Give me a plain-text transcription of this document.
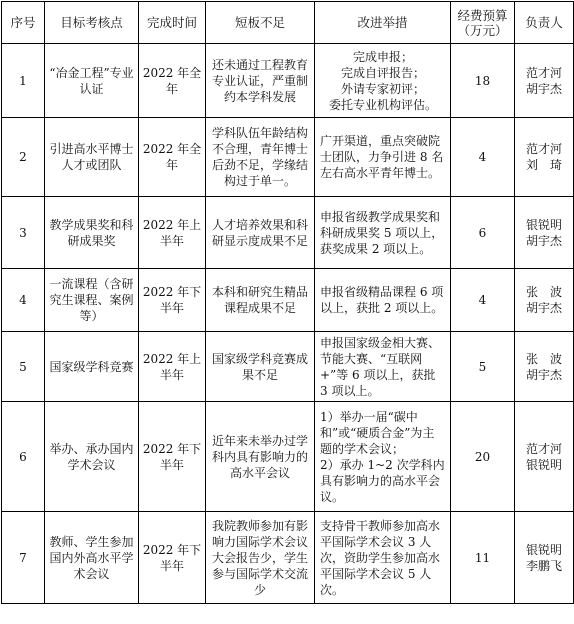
序号	目标考核点	完成时间	短板不足	改进举措	经费预算（万元）	负责人
1	“冶金工程”专业认证	2022 年全年	还未通过工程教育专业认证，严重制约本学科发展	完成申报；
完成自评报告；
外请专家初评；
委托专业机构评估。	18	范才河
胡宇杰

2	引进高水平博士人才或团队	2022 年全年	学科队伍年龄结构不合理，青年博士后劲不足，学缘结构过于单一。	广开渠道，重点突破院士团队，力争引进 8 名左右高水平青年博士。	4	范才河
刘　琦

3	教学成果奖和科研成果奖	2022 年上半年	人才培养效果和科研显示度成果不足	申报省级教学成果奖和科研成果奖 5 项以上，获奖成果 2 项以上。	6	银锐明
胡宇杰

4	一流课程（含研究生课程、案例等）	2022 年下半年	本科和研究生精品课程成果不足	申报省级精品课程 6 项以上，获批 2 项以上。	4	张　波
胡宇杰

5	国家级学科竞赛	2022 年上半年	国家级学科竞赛成果不足	申报国家级金相大赛、节能大赛、“互联网+”等 6 项以上，获批 3 项以上。	5	张　波
胡宇杰

6	举办、承办国内学术会议	2022 年下半年	近年来未举办过学科内具有影响力的高水平会议	1）举办一届“碳中和”或“硬质合金”为主题的学术会议；
2）承办 1~2 次学科内具有影响力的高水平会议。	20	范才河
银锐明

7	教师、学生参加国内外高水平学术会议	2022 年下半年	我院教师参加有影响力国际学术会议大会报告少，学生参与国际学术交流少	支持骨干教师参加高水平国际学术会议 3 人次，资助学生参加高水平国际学术会议 5 人次。	11	银锐明
李鹏飞
